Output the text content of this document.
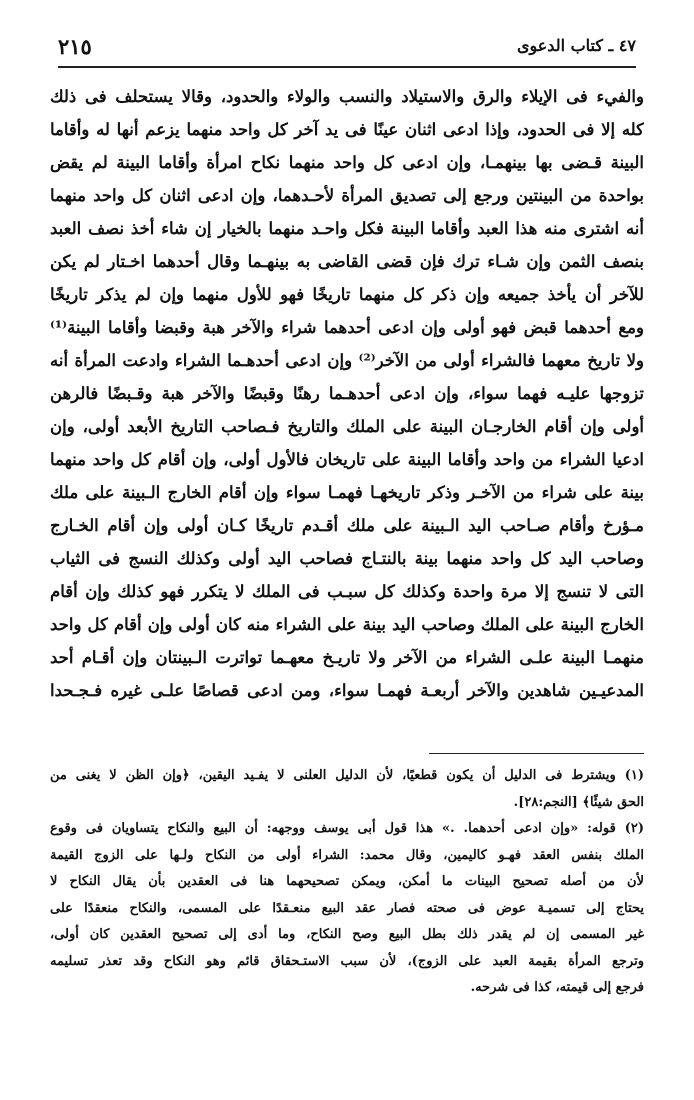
٢١٥	٤٧ ـ كتاب الدعوى
والفيء فى الإيلاء والرق والاستيلاد والنسب والولاء والحدود، وقالا يستحلف فى ذلك
كله إلا فى الحدود، وإذا ادعى اثنان عينًا فى يد آخر كل واحد منهما يزعم أنها له وأقاما
البينة قـضى بها بينهمـا، وإن ادعى كل واحد منهما نكاح امرأة وأقاما البينة لم يقض
بواحدة من البينتين ورجع إلى تصديق المرأة لأحـدهما، وإن ادعى اثنان كل واحد منهما
أنه اشترى منه هذا العبد وأقاما البينة فكل واحـد منهما بالخيار إن شاء أخذ نصف العبد
بنصف الثمن وإن شـاء ترك فإن قضى القاضى به بينهـما وقال أحدهما اخـتار لم يكن
للآخر أن يأخذ جميعه وإن ذكر كل منهما تاريخًا فهو للأول منهما وإن لم يذكر تاريخًا
ومع أحدهما قبض فهو أولى وإن ادعى أحدهما شراء والآخر هبة وقبضا وأقاما البينة⁽¹⁾
ولا تاريخ معهما فالشراء أولى من الآخر⁽²⁾ وإن ادعى أحدهـما الشراء وادعت المرأة أنه
تزوجها عليـه فهما سواء، وإن ادعى أحدهـما رهنًا وقبضًا والآخر هبة وقـبضًا فالرهن
أولى وإن أقام الخارجـان البينة على الملك والتاريخ فـصاحب التاريخ الأبعد أولى، وإن
ادعيا الشراء من واحد وأقاما البينة على تاريخان فالأول أولى، وإن أقام كل واحد منهما
بينة على شراء من الآخـر وذكر تاريخهـا فهمـا سواء وإن أقام الخارج الـبينة على ملك
مـؤرخ وأقام صـاحب اليد الـبينة على ملك أقـدم تاريخًا كـان أولى وإن أقام الخـارج
وصاحب اليد كل واحد منهما بينة بالنتـاج فصاحب اليد أولى وكذلك النسج فى الثياب
التى لا تنسج إلا مرة واحدة وكذلك كل سبـب فى الملك لا يتكرر فهو كذلك وإن أقام
الخارج البينة على الملك وصاحب اليد بينة على الشراء منه كان أولى وإن أقام كل واحد
منهمـا البينة علـى الشراء من الآخر ولا تاريـخ معهـما تواترت الـبينتان وإن أقـام أحد
المدعيـين شاهدين والآخر أربعـة فهمـا سواء، ومن ادعى قصاصًا علـى غيره فـجـحدا
(١) ويشترط فى الدليل أن يكون قطعيًا، لأن الدليل العلنى لا يفـيد اليقين، ﴿وإن الظن لا يغنى من
الحق شيئًا﴾ [النجم:٢٨].
(٢) قوله: «وإن ادعى أحدهما. .» هذا قول أبى يوسف ووجهه: أن البيع والنكاح يتساويان فى وقوع
الملك بنفس العقد فهـو كاليمين، وقال محمد: الشراء أولى من النكاح ولـها على الزوج القيمة
لأن من أصله تصحيح البينات ما أمكن، ويمكن تصحيحهما هنا فى العقدين بأن يقال النكاح لا
يحتاج إلى تسميـة عوض فى صحته فصار عقد البيع منعـقدًا على المسمى، والنكاح منعقدًا على
غير المسمى إن لم يقدر ذلك بطل البيع وصح النكاح، وما أدى إلى تصحيح العقدين كان أولى،
وترجع المرأة بقيمة العبد على الزوج)، لأن سبب الاستـحقاق قائم وهو النكاح وقد تعذر تسليمه
فرجع إلى قيمته، كذا فى شرحه.
